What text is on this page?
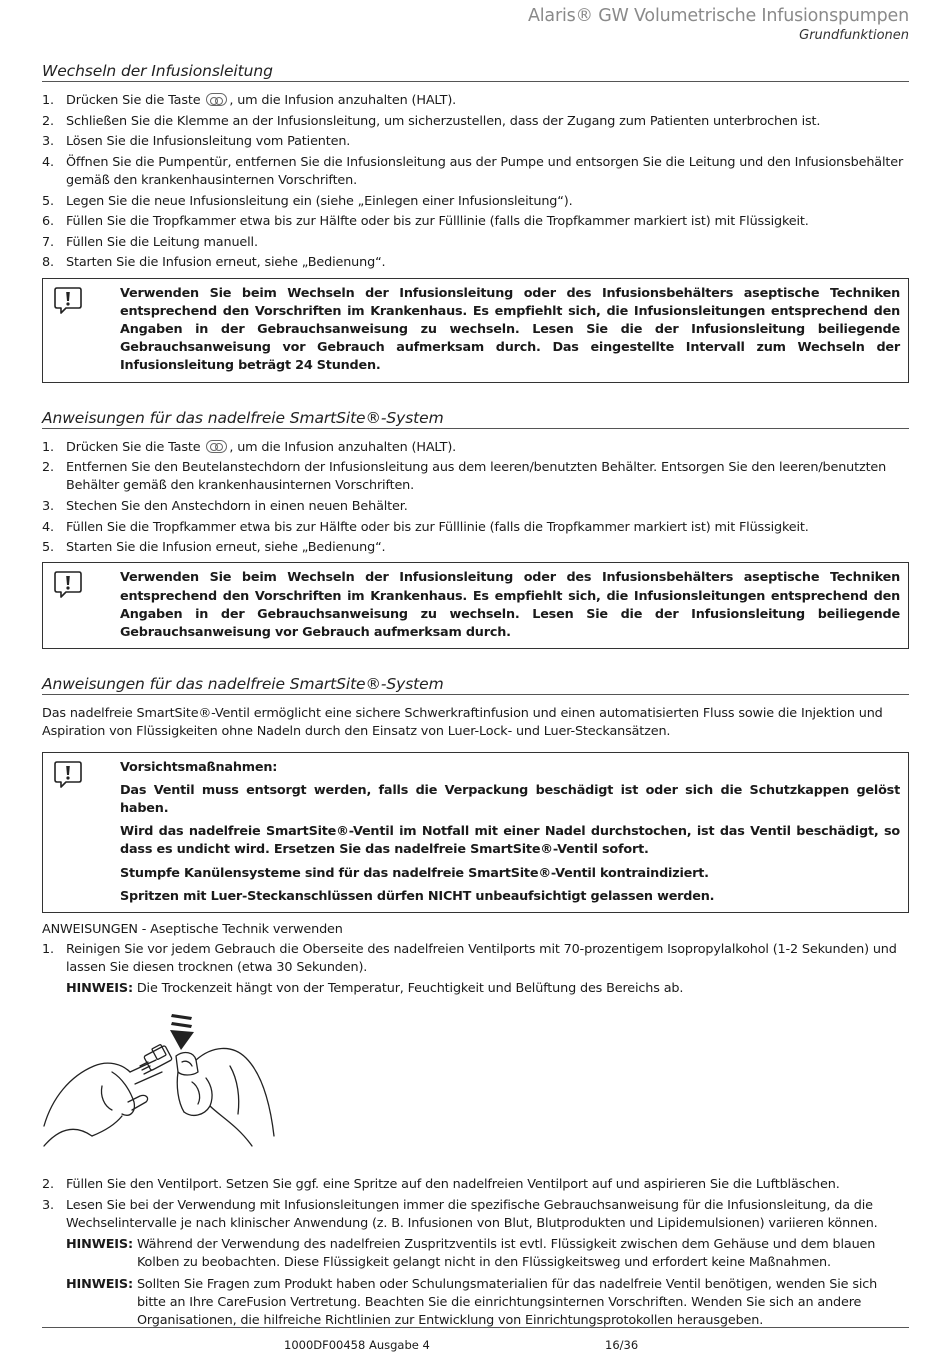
Alaris® GW Volumetrische Infusionspumpen
Grundfunktionen
Wechseln der Infusionsleitung
1. Drücken Sie die Taste , um die Infusion anzuhalten (HALT).
2. Schließen Sie die Klemme an der Infusionsleitung, um sicherzustellen, dass der Zugang zum Patienten unterbrochen ist.
3. Lösen Sie die Infusionsleitung vom Patienten.
4. Öffnen Sie die Pumpentür, entfernen Sie die Infusionsleitung aus der Pumpe und entsorgen Sie die Leitung und den Infusionsbehälter gemäß den krankenhausinternen Vorschriften.
5. Legen Sie die neue Infusionsleitung ein (siehe „Einlegen einer Infusionsleitung“).
6. Füllen Sie die Tropfkammer etwa bis zur Hälfte oder bis zur Fülllinie (falls die Tropfkammer markiert ist) mit Flüssigkeit.
7. Füllen Sie die Leitung manuell.
8. Starten Sie die Infusion erneut, siehe „Bedienung“.
Verwenden Sie beim Wechseln der Infusionsleitung oder des Infusionsbehälters aseptische Techniken entsprechend den Vorschriften im Krankenhaus. Es empfiehlt sich, die Infusionsleitungen entsprechend den Angaben in der Gebrauchsanweisung zu wechseln. Lesen Sie die der Infusionsleitung beiliegende Gebrauchsanweisung vor Gebrauch aufmerksam durch. Das eingestellte Intervall zum Wechseln der Infusionsleitung beträgt 24 Stunden.
Anweisungen für das nadelfreie SmartSite®-System
1. Drücken Sie die Taste , um die Infusion anzuhalten (HALT).
2. Entfernen Sie den Beutelanstechdorn der Infusionsleitung aus dem leeren/benutzten Behälter. Entsorgen Sie den leeren/benutzten Behälter gemäß den krankenhausinternen Vorschriften.
3. Stechen Sie den Anstechdorn in einen neuen Behälter.
4. Füllen Sie die Tropfkammer etwa bis zur Hälfte oder bis zur Fülllinie (falls die Tropfkammer markiert ist) mit Flüssigkeit.
5. Starten Sie die Infusion erneut, siehe „Bedienung“.
Verwenden Sie beim Wechseln der Infusionsleitung oder des Infusionsbehälters aseptische Techniken entsprechend den Vorschriften im Krankenhaus. Es empfiehlt sich, die Infusionsleitungen entsprechend den Angaben in der Gebrauchsanweisung zu wechseln. Lesen Sie die der Infusionsleitung beiliegende Gebrauchsanweisung vor Gebrauch aufmerksam durch.
Anweisungen für das nadelfreie SmartSite®-System
Das nadelfreie SmartSite®-Ventil ermöglicht eine sichere Schwerkraftinfusion und einen automatisierten Fluss sowie die Injektion und Aspiration von Flüssigkeiten ohne Nadeln durch den Einsatz von Luer-Lock- und Luer-Steckansätzen.

Vorsichtsmaßnahmen:

Das Ventil muss entsorgt werden, falls die Verpackung beschädigt ist oder sich die Schutzkappen gelöst haben.

Wird das nadelfreie SmartSite®-Ventil im Notfall mit einer Nadel durchstochen, ist das Ventil beschädigt, so dass es undicht wird. Ersetzen Sie das nadelfreie SmartSite®-Ventil sofort.

Stumpfe Kanülensysteme sind für das nadelfreie SmartSite®-Ventil kontraindiziert.

Spritzen mit Luer-Steckanschlüssen dürfen NICHT unbeaufsichtigt gelassen werden.

ANWEISUNGEN - Aseptische Technik verwenden
1. Reinigen Sie vor jedem Gebrauch die Oberseite des nadelfreien Ventilports mit 70-prozentigem Isopropylalkohol (1-2 Sekunden) und lassen Sie diesen trocknen (etwa 30 Sekunden).
HINWEIS: Die Trockenzeit hängt von der Temperatur, Feuchtigkeit und Belüftung des Bereichs ab.
2. Füllen Sie den Ventilport. Setzen Sie ggf. eine Spritze auf den nadelfreien Ventilport auf und aspirieren Sie die Luftbläschen.
3. Lesen Sie bei der Verwendung mit Infusionsleitungen immer die spezifische Gebrauchsanweisung für die Infusionsleitung, da die Wechselintervalle je nach klinischer Anwendung (z. B. Infusionen von Blut, Blutprodukten und Lipidemulsionen) variieren können.
HINWEIS: Während der Verwendung des nadelfreien Zuspritzventils ist evtl. Flüssigkeit zwischen dem Gehäuse und dem blauen Kolben zu beobachten. Diese Flüssigkeit gelangt nicht in den Flüssigkeitsweg und erfordert keine Maßnahmen.
HINWEIS: Sollten Sie Fragen zum Produkt haben oder Schulungsmaterialien für das nadelfreie Ventil benötigen, wenden Sie sich bitte an Ihre CareFusion Vertretung. Beachten Sie die einrichtungsinternen Vorschriften. Wenden Sie sich an andere Organisationen, die hilfreiche Richtlinien zur Entwicklung von Einrichtungsprotokollen herausgeben.
1000DF00458 Ausgabe 4	16/36
